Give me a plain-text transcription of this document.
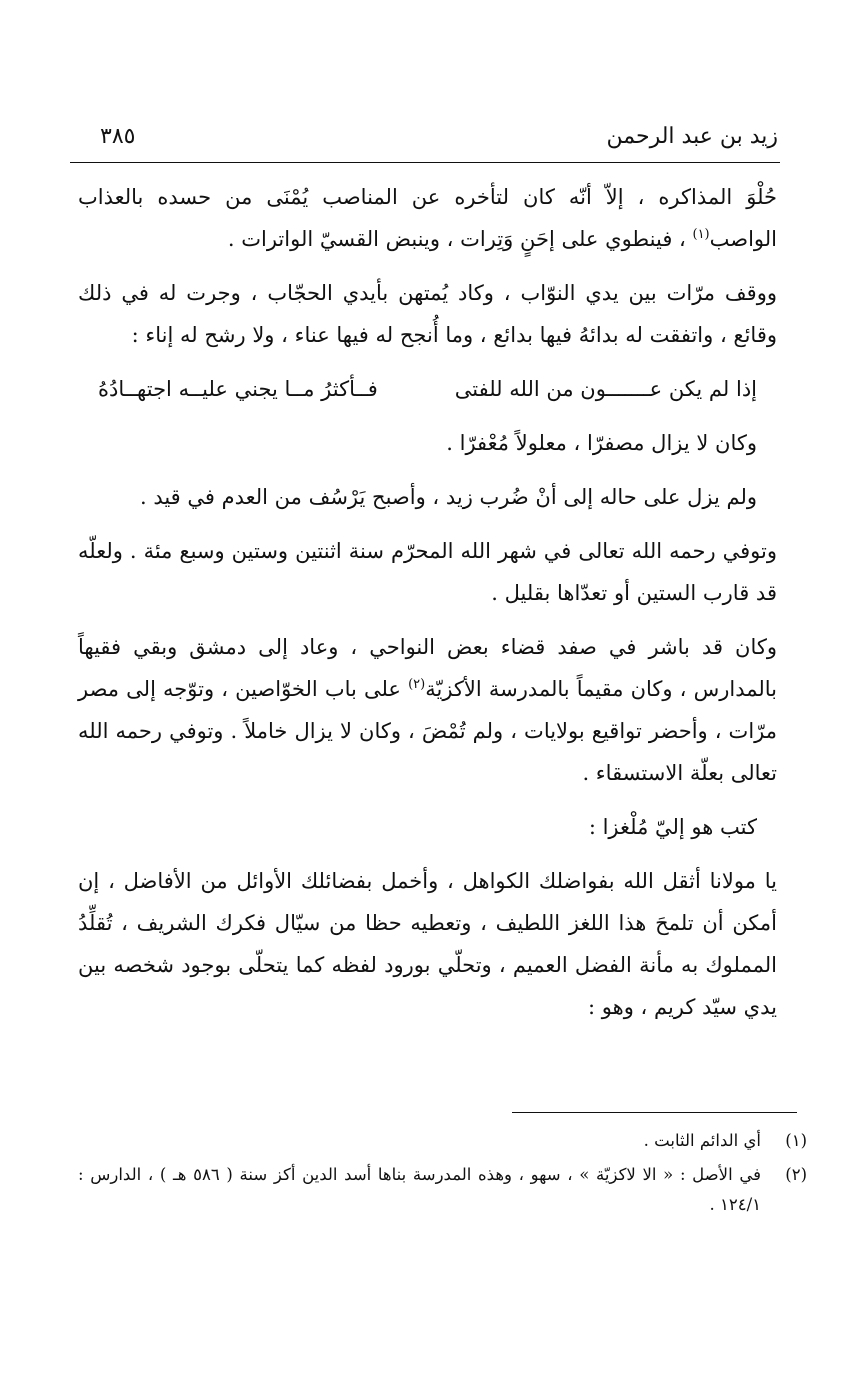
زيد بن عبد الرحمن
٣٨٥

حُلْوَ المذاكره ، إلاّ أنّه كان لتأخره عن المناصب يُمْنَى من حسده بالعذاب الواصب$^{(١)}$ ، فينطوي على إحَنٍ وَتِرات ، وينبض القسيّ الواترات .

ووقف مرّات بين يدي النوّاب ، وكاد يُمتهن بأيدي الحجّاب ، وجرت له في ذلك وقائع ، واتفقت له بدائهُ فيها بدائع ، وما أُنجح له فيها عناء ، ولا رشح له إناء :

إذا لم يكن عـــــــون من الله للفتى
فــأكثرُ مــا يجني عليــه اجتهــادُهُ

وكان لا يزال مصفرّا ، معلولاً مُعْفرّا .

ولم يزل على حاله إلى أنْ ضُرب زيد ، وأصبح يَرْسُف من العدم في قيد .

وتوفي رحمه الله تعالى في شهر الله المحرّم سنة اثنتين وستين وسبع مئة . ولعلّه قد قارب الستين أو تعدّاها بقليل .

وكان قد باشر في صفد قضاء بعض النواحي ، وعاد إلى دمشق وبقي فقيهاً بالمدارس ، وكان مقيماً بالمدرسة الأكزيّة$^{(٢)}$ على باب الخوّاصين ، وتوّجه إلى مصر مرّات ، وأحضر تواقيع بولايات ، ولم تُمْضَ ، وكان لا يزال خاملاً . وتوفي رحمه الله تعالى بعلّة الاستسقاء .

كتب هو إليّ مُلْغزا :

يا مولانا أثقل الله بفواضلك الكواهل ، وأخمل بفضائلك الأوائل من الأفاضل ، إن أمكن أن تلمحَ هذا اللغز اللطيف ، وتعطيه حظا من سيّال فكرك الشريف ، تُقلِّدُ المملوك به مأنة الفضل العميم ، وتحلّي بورود لفظه كما يتحلّى بوجود شخصه بين يدي سيّد كريم ، وهو :

(١)
أي الدائم الثابت .
(٢)
في الأصل : « الا لاكزيّة » ، سهو ، وهذه المدرسة بناها أسد الدين أكز سنة ( ٥٨٦ هـ ) ، الدارس : ١٢٤/١ .
